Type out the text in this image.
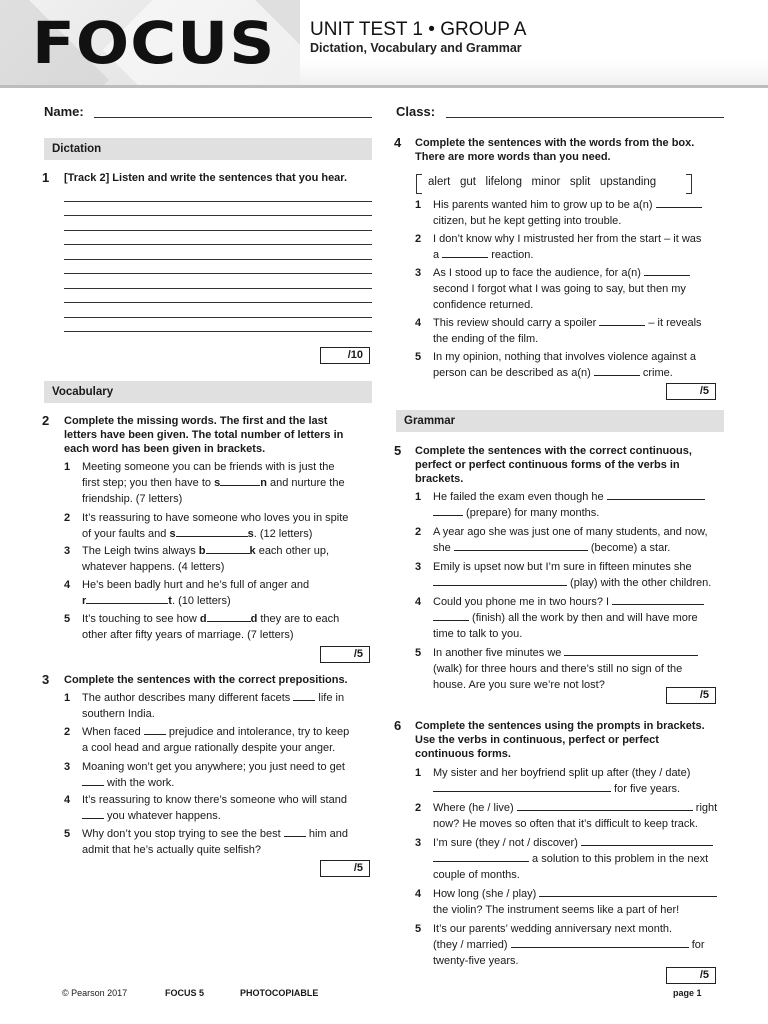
FOCUS UNIT TEST 1 • GROUP A
Dictation, Vocabulary and Grammar
Name:	Class:
Dictation
1 [Track 2] Listen and write the sentences that you hear.
/10
Vocabulary
2 Complete the missing words. The first and the last
letters have been given. The total number of letters in
each word has been given in brackets.
1 Meeting someone you can be friends with is just the
first step; you then have to s	n and nurture the
friendship. (7 letters)
2 It’s reassuring to have someone who loves you in spite
of your faults and s	s. (12 letters)
3 The Leigh twins always b	k each other up,
whatever happens. (4 letters)
4 He’s been badly hurt and he’s full of anger and
r	t. (10 letters)
5 It’s touching to see how d	d they are to each
other after fifty years of marriage. (7 letters)
/5
3 Complete the sentences with the correct prepositions.
1 The author describes many different facets  life in
southern India.
2 When faced  prejudice and intolerance, try to keep
a cool head and argue rationally despite your anger.
3 Moaning won’t get you anywhere; you just need to get
with the work.
4 It’s reassuring to know there’s someone who will stand
you whatever happens.
5 Why don’t you stop trying to see the best  him and
admit that he’s actually quite selfish?
/5
4 Complete the sentences with the words from the box.
There are more words than you need.
alert   gut   lifelong   minor   split   upstanding
1 His parents wanted him to grow up to be a(n)
citizen, but he kept getting into trouble.
2 I don’t know why I mistrusted her from the start – it was
a	reaction.
3 As I stood up to face the audience, for a(n)
second I forgot what I was going to say, but then my
confidence returned.
4 This review should carry a spoiler	– it reveals
the ending of the film.
5 In my opinion, nothing that involves violence against a
person can be described as a(n)	crime.
/5
Grammar
5 Complete the sentences with the correct continuous,
perfect or perfect continuous forms of the verbs in
brackets.
1 He failed the exam even though he
(prepare) for many months.
2 A year ago she was just one of many students, and now,
she	(become) a star.
3 Emily is upset now but I’m sure in fifteen minutes she
(play) with the other children.
4 Could you phone me in two hours? I
(finish) all the work by then and will have more
time to talk to you.
5 In another five minutes we
(walk) for three hours and there’s still no sign of the
house. Are you sure we’re not lost?
/5
6 Complete the sentences using the prompts in brackets.
Use the verbs in continuous, perfect or perfect
continuous forms.
1 My sister and her boyfriend split up after (they / date)
for five years.
2 Where (he / live)	right
now? He moves so often that it’s difficult to keep track.
3 I’m sure (they / not / discover)
a solution to this problem in the next
couple of months.
4 How long (she / play)
the violin? The instrument seems like a part of her!
5 It’s our parents’ wedding anniversary next month.
(they / married)	for
twenty-five years.
/5
© Pearson 2017	FOCUS 5	PHOTOCOPIABLE	page 1
